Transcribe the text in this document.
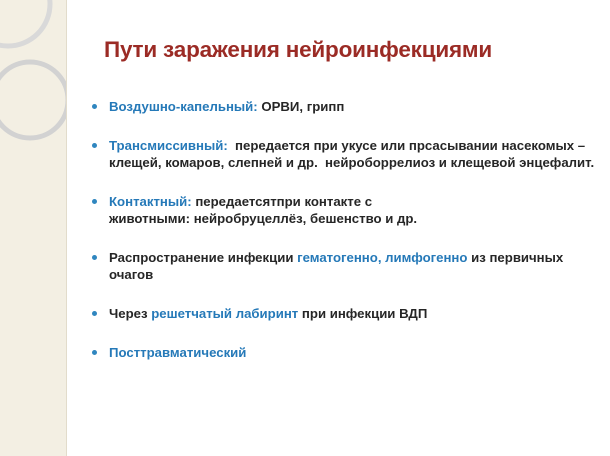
Пути заражения нейроинфекциями
Воздушно-капельный: ОРВИ, грипп
Трансмиссивный:  передается при укусе или прсасывании насекомых – клещей, комаров, слепней и др.  нейроборрелиоз и клещевой энцефалит.
Контактный: передаетсятпри контакте с
животными: нейробруцеллёз, бешенство и др.
Распространение инфекции гематогенно, лимфогенно из первичных очагов
Через решетчатый лабиринт при инфекции ВДП
Посттравматический
